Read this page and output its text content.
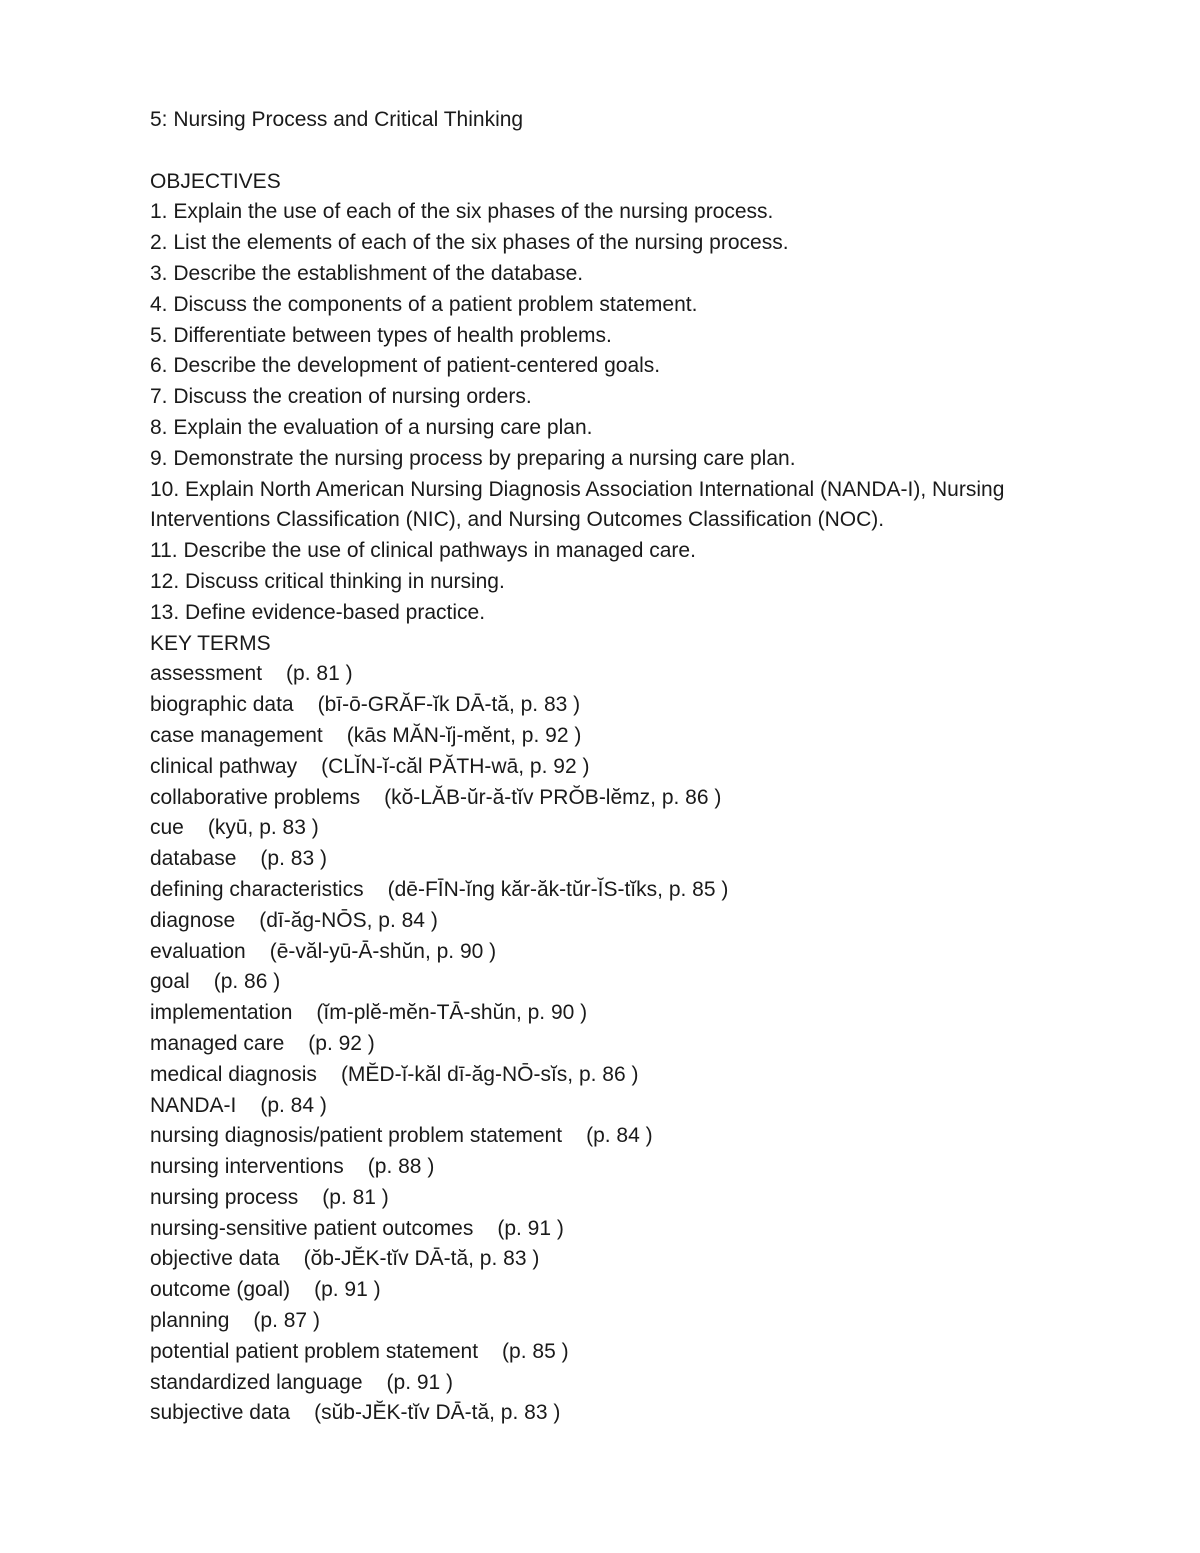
5: Nursing Process and Critical Thinking
OBJECTIVES
1. Explain the use of each of the six phases of the nursing process.
2. List the elements of each of the six phases of the nursing process.
3. Describe the establishment of the database.
4. Discuss the components of a patient problem statement.
5. Differentiate between types of health problems.
6. Describe the development of patient-centered goals.
7. Discuss the creation of nursing orders.
8. Explain the evaluation of a nursing care plan.
9. Demonstrate the nursing process by preparing a nursing care plan.
10. Explain North American Nursing Diagnosis Association International (NANDA-I), Nursing Interventions Classification (NIC), and Nursing Outcomes Classification (NOC).
11. Describe the use of clinical pathways in managed care.
12. Discuss critical thinking in nursing.
13. Define evidence-based practice.
KEY TERMS
assessment (p. 81 )
biographic data (bī-ō-GRĂF-ĭk DĀ-tă, p. 83 )
case management (kās MĂN-ĭj-mĕnt, p. 92 )
clinical pathway (CLĬN-ĭ-căl PĂTH-wā, p. 92 )
collaborative problems (kŏ-LĂB-ŭr-ă-tĭv PRŎB-lĕmz, p. 86 )
cue (kyū, p. 83 )
database (p. 83 )
defining characteristics (dē-FĪN-ĭng kăr-ăk-tŭr-ĬS-tĭks, p. 85 )
diagnose (dī-ăg-NŌS, p. 84 )
evaluation (ē-văl-yū-Ā-shŭn, p. 90 )
goal (p. 86 )
implementation (ĭm-plĕ-mĕn-TĀ-shŭn, p. 90 )
managed care (p. 92 )
medical diagnosis (MĔD-ĭ-kăl dī-ăg-NŌ-sĭs, p. 86 )
NANDA-I (p. 84 )
nursing diagnosis/patient problem statement (p. 84 )
nursing interventions (p. 88 )
nursing process (p. 81 )
nursing-sensitive patient outcomes (p. 91 )
objective data (ŏb-JĔK-tĭv DĀ-tă, p. 83 )
outcome (goal) (p. 91 )
planning (p. 87 )
potential patient problem statement (p. 85 )
standardized language (p. 91 )
subjective data (sŭb-JĔK-tĭv DĀ-tă, p. 83 )
